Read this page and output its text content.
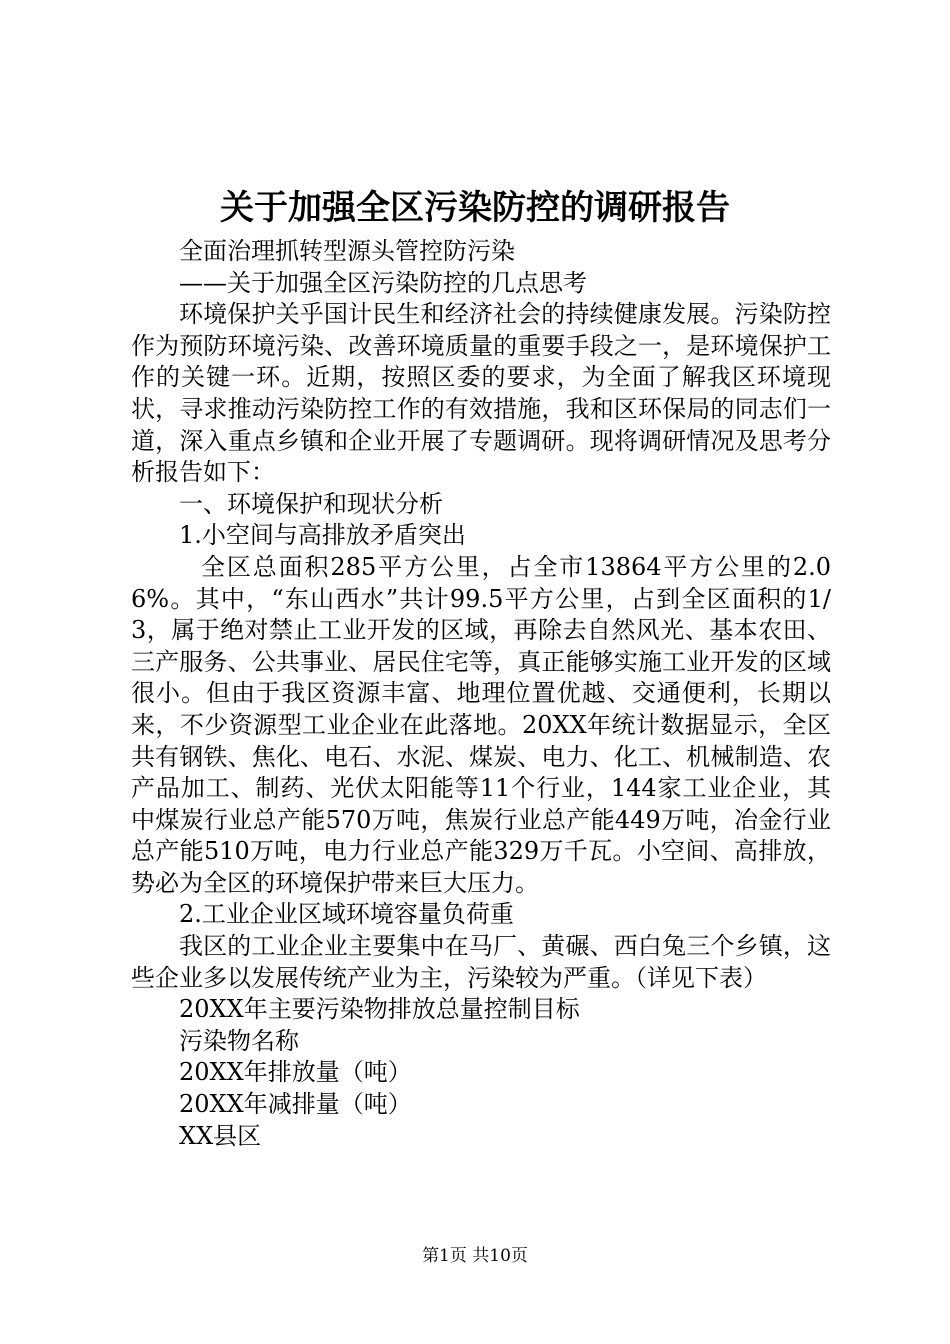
关于加强全区污染防控的调研报告

全面治理抓转型源头管控防污染

——关于加强全区污染防控的几点思考

环境保护关乎国计民生和经济社会的持续健康发展。污染防控作为预防环境污染、改善环境质量的重要手段之一，是环境保护工作的关键一环。近期，按照区委的要求，为全面了解我区环境现状，寻求推动污染防控工作的有效措施，我和区环保局的同志们一道，深入重点乡镇和企业开展了专题调研。现将调研情况及思考分析报告如下：

一、环境保护和现状分析

1.小空间与高排放矛盾突出

全区总面积285平方公里，占全市13864平方公里的2.06%。其中，“东山西水”共计99.5平方公里，占到全区面积的1/3，属于绝对禁止工业开发的区域，再除去自然风光、基本农田、三产服务、公共事业、居民住宅等，真正能够实施工业开发的区域很小。但由于我区资源丰富、地理位置优越、交通便利，长期以来，不少资源型工业企业在此落地。20XX年统计数据显示，全区共有钢铁、焦化、电石、水泥、煤炭、电力、化工、机械制造、农产品加工、制药、光伏太阳能等11个行业，144家工业企业，其中煤炭行业总产能570万吨，焦炭行业总产能449万吨，冶金行业总产能510万吨，电力行业总产能329万千瓦。小空间、高排放，势必为全区的环境保护带来巨大压力。

2.工业企业区域环境容量负荷重

我区的工业企业主要集中在马厂、黄碾、西白兔三个乡镇，这些企业多以发展传统产业为主，污染较为严重。（详见下表）

20XX年主要污染物排放总量控制目标

污染物名称

20XX年排放量（吨）

20XX年减排量（吨）

XX县区

第1页 共10页
